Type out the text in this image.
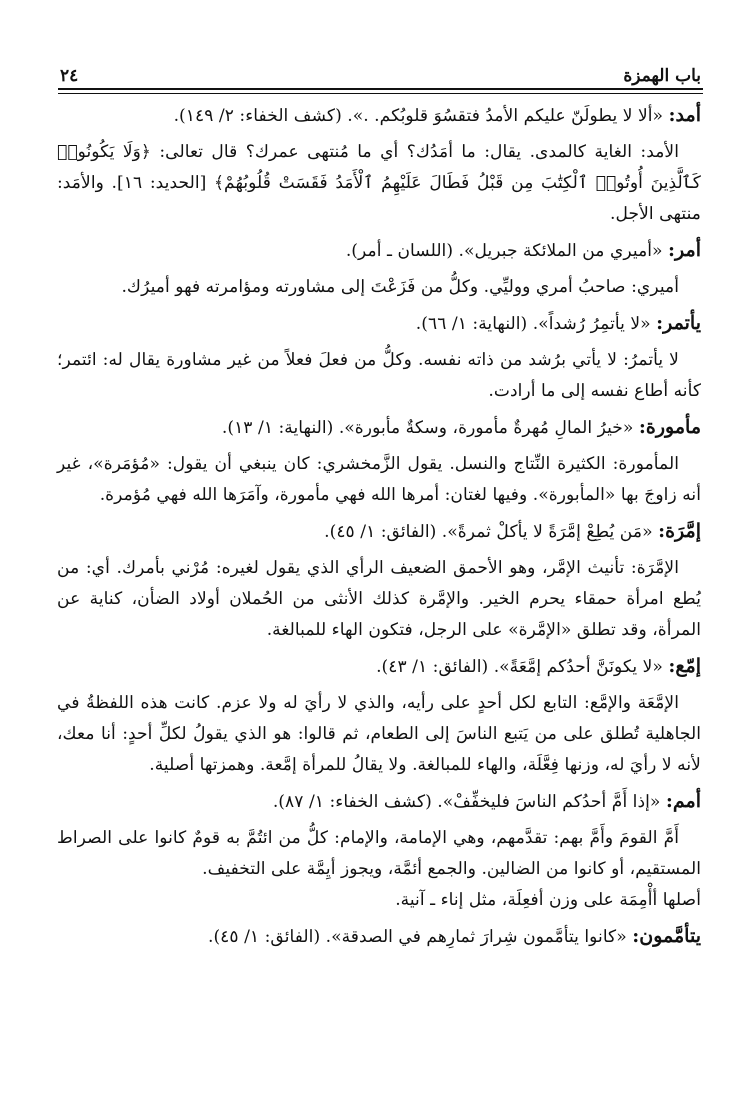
٢٤	باب الهمزة
أمد: «ألا لا يطولَنّ عليكم الأمدُ فتقسُوَ قلوبُكم. .». (كشف الخفاء: ٢/ ١٤٩).
الأمد: الغاية كالمدى. يقال: ما أمَدُك؟ أي ما مُنتهى عمرك؟ قال تعالى: ﴿وَلَا يَكُونُوا۟ كَٱلَّذِينَ أُوتُوا۟ ٱلْكِتَٰبَ مِن قَبْلُ فَطَالَ عَلَيْهِمُ ٱلْأَمَدُ فَقَسَتْ قُلُوبُهُمْ﴾ [الحديد: ١٦]. والأمَد: منتهى الأجل.
أمر: «أميري من الملائكة جبريل». (اللسان ـ أمر).
أميري: صاحبُ أمري ووليِّي. وكلُّ من فَزَعْتَ إلى مشاورته ومؤامرته فهو أميرُك.
يأتمر: «لا يأتمِرُ رُشداً». (النهاية: ١/ ٦٦).
لا يأتمرُ: لا يأتي برُشد من ذاته نفسه. وكلُّ من فعلَ فعلاً من غير مشاورة يقال له: ائتمر؛ كأنه أطاع نفسه إلى ما أرادت.
مأمورة: «خيرُ المالِ مُهرةٌ مأمورة، وسكةٌ مأبورة». (النهاية: ١/ ١٣).
المأمورة: الكثيرة النِّتاج والنسل. يقول الزَّمخشري: كان ينبغي أن يقول: «مُؤمَرة»، غير أنه زاوجَ بها «المأبورة». وفيها لغتان: أمرها الله فهي مأمورة، وآمَرَها الله فهي مُؤمرة.
إمَّرَة: «مَن يُطِعْ إمَّرَةً لا يأكلْ ثمرةً». (الفائق: ١/ ٤٥).
الإمَّرَة: تأنيث الإمَّر، وهو الأحمق الضعيف الرأي الذي يقول لغيره: مُرْني بأمرك. أي: من يُطع امرأة حمقاء يحرم الخير. والإمَّرة كذلك الأنثى من الحُملان أولاد الضأن، كناية عن المرأة، وقد تطلق «الإمَّرة» على الرجل، فتكون الهاء للمبالغة.
إمّع: «لا يكونَنَّ أحدُكم إمَّعَةً». (الفائق: ١/ ٤٣).
الإمَّعَة والإمَّع: التابع لكل أحدٍ على رأيه، والذي لا رأيَ له ولا عزم. كانت هذه اللفظةُ في الجاهلية تُطلق على من يَتبع الناسَ إلى الطعام، ثم قالوا: هو الذي يقولُ لكلِّ أحدٍ: أنا معك، لأنه لا رأيَ له، وزنها فِعَّلَة، والهاء للمبالغة. ولا يقالُ للمرأة إمَّعة. وهمزتها أصلية.
أمم: «إذا أَمَّ أحدُكم الناسَ فليخفِّفْ». (كشف الخفاء: ١/ ٨٧).
أَمَّ القومَ وأَمَّ بهم: تقدَّمهم، وهي الإمامة، والإمام: كلُّ من ائتُمَّ به قومٌ كانوا على الصراط المستقيم، أو كانوا من الضالين. والجمع أئمَّة، ويجوز أيِمَّة على التخفيف.
أصلها أأْمِمَة على وزن أفعِلَة، مثل إناء ـ آنية.
يتأمَّمون: «كانوا يتأمَّمون شِرارَ ثمارِهم في الصدقة». (الفائق: ١/ ٤٥).
